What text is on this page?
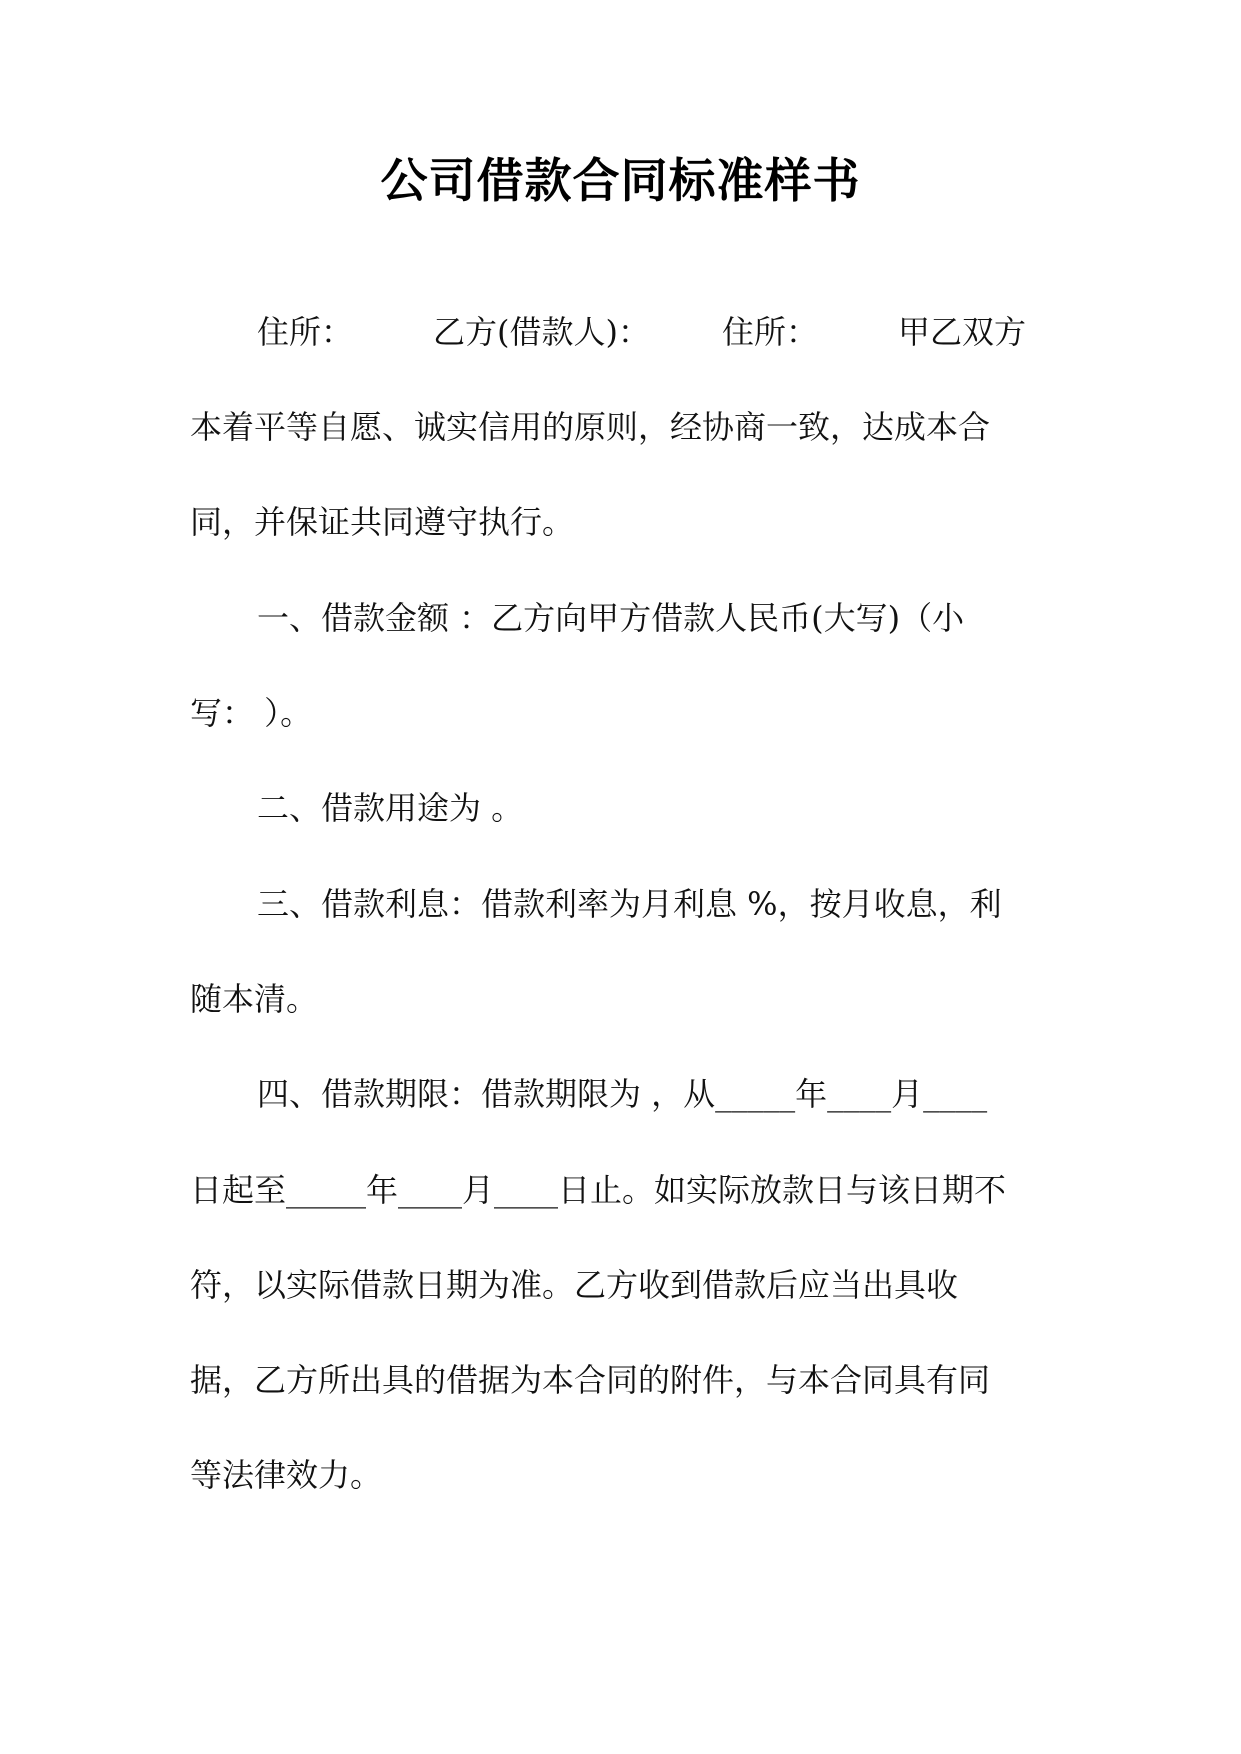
公司借款合同标准样书
住所：	乙方(借款人)： 住所：	甲乙双方
本着平等自愿、诚实信用的原则，经协商一致，达成本合
同，并保证共同遵守执行。
一、借款金额 ：乙方向甲方借款人民币(大写)（小
写： ）。
二、借款用途为 。
三、借款利息：借款利率为月利息 %，按月收息，利
随本清。
四、借款期限：借款期限为 ，从_____年____月____
日起至_____年____月____日止。如实际放款日与该日期不
符，以实际借款日期为准。乙方收到借款后应当出具收
据，乙方所出具的借据为本合同的附件，与本合同具有同
等法律效力。
